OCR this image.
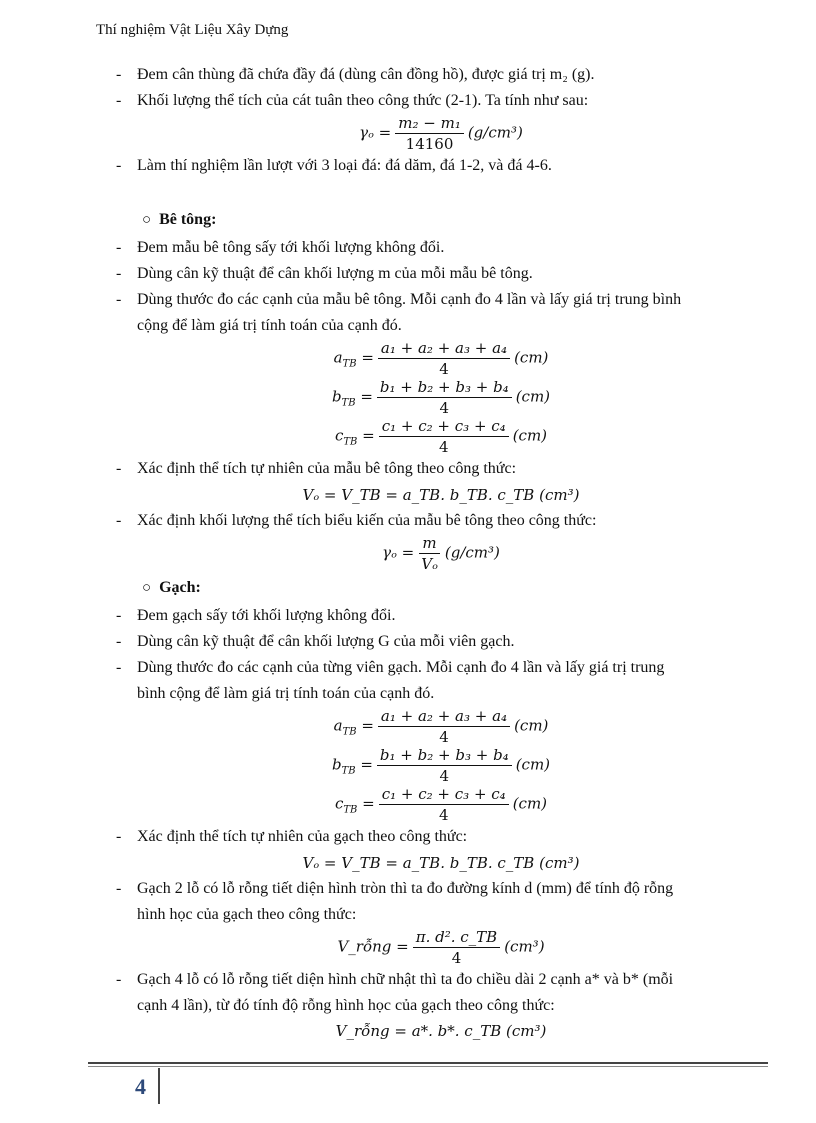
Thí nghiệm Vật Liệu Xây Dựng
- Đem cân thùng đã chứa đầy đá (dùng cân đồng hồ), được giá trị m₂ (g).
- Khối lượng thể tích của cát tuân theo công thức (2-1). Ta tính như sau:
$\gamma_o = \frac{\text{m₂ − m₁}}{14160} (g/cm^3)$
- Làm thí nghiệm lần lượt với 3 loại đá: đá dăm, đá 1-2, và đá 4-6.
○ Bê tông:
- Đem mẫu bê tông sấy tới khối lượng không đổi.
- Dùng cân kỹ thuật để cân khối lượng m của mỗi mẫu bê tông.
- Dùng thước đo các cạnh của mẫu bê tông. Mỗi cạnh đo 4 lần và lấy giá trị trung bình
cộng để làm giá trị tính toán của cạnh đó.
$a_{TB} = \frac{\text{a₁ + a₂ + a₃ + a₄}}{4} (cm)$
$b_{TB} = \frac{\text{b₁ + b₂ + b₃ + b₄}}{4} (cm)$
$c_{TB} = \frac{\text{c₁ + c₂ + c₃ + c₄}}{4} (cm)$
- Xác định thể tích tự nhiên của mẫu bê tông theo công thức:
Vₒ = V_TB = a_TB. b_TB. c_TB (cm³)
- Xác định khối lượng thể tích biểu kiến của mẫu bê tông theo công thức:
$\gamma_o = \frac{m}{\text{Vₒ}} (g/cm^3)$
○ Gạch:
- Đem gạch sấy tới khối lượng không đổi.
- Dùng cân kỹ thuật để cân khối lượng G của mỗi viên gạch.
- Dùng thước đo các cạnh của từng viên gạch. Mỗi cạnh đo 4 lần và lấy giá trị trung
bình cộng để làm giá trị tính toán của cạnh đó.
$a_{TB} = \frac{\text{a₁ + a₂ + a₃ + a₄}}{4} (cm)$
$b_{TB} = \frac{\text{b₁ + b₂ + b₃ + b₄}}{4} (cm)$
$c_{TB} = \frac{\text{c₁ + c₂ + c₃ + c₄}}{4} (cm)$
- Xác định thể tích tự nhiên của gạch theo công thức:
Vₒ = V_TB = a_TB. b_TB. c_TB (cm³)
- Gạch 2 lỗ có lỗ rỗng tiết diện hình tròn thì ta đo đường kính d (mm) để tính độ rỗng
hình học của gạch theo công thức:
V_rỗng = $\frac{\text{π. d². c\_TB}}{4} (cm^3)$
- Gạch 4 lỗ có lỗ rỗng tiết diện hình chữ nhật thì ta đo chiều dài 2 cạnh a* và b* (mỗi
cạnh 4 lần), từ đó tính độ rỗng hình học của gạch theo công thức:
V_rỗng = a*. b*. c_TB (cm³)
4
